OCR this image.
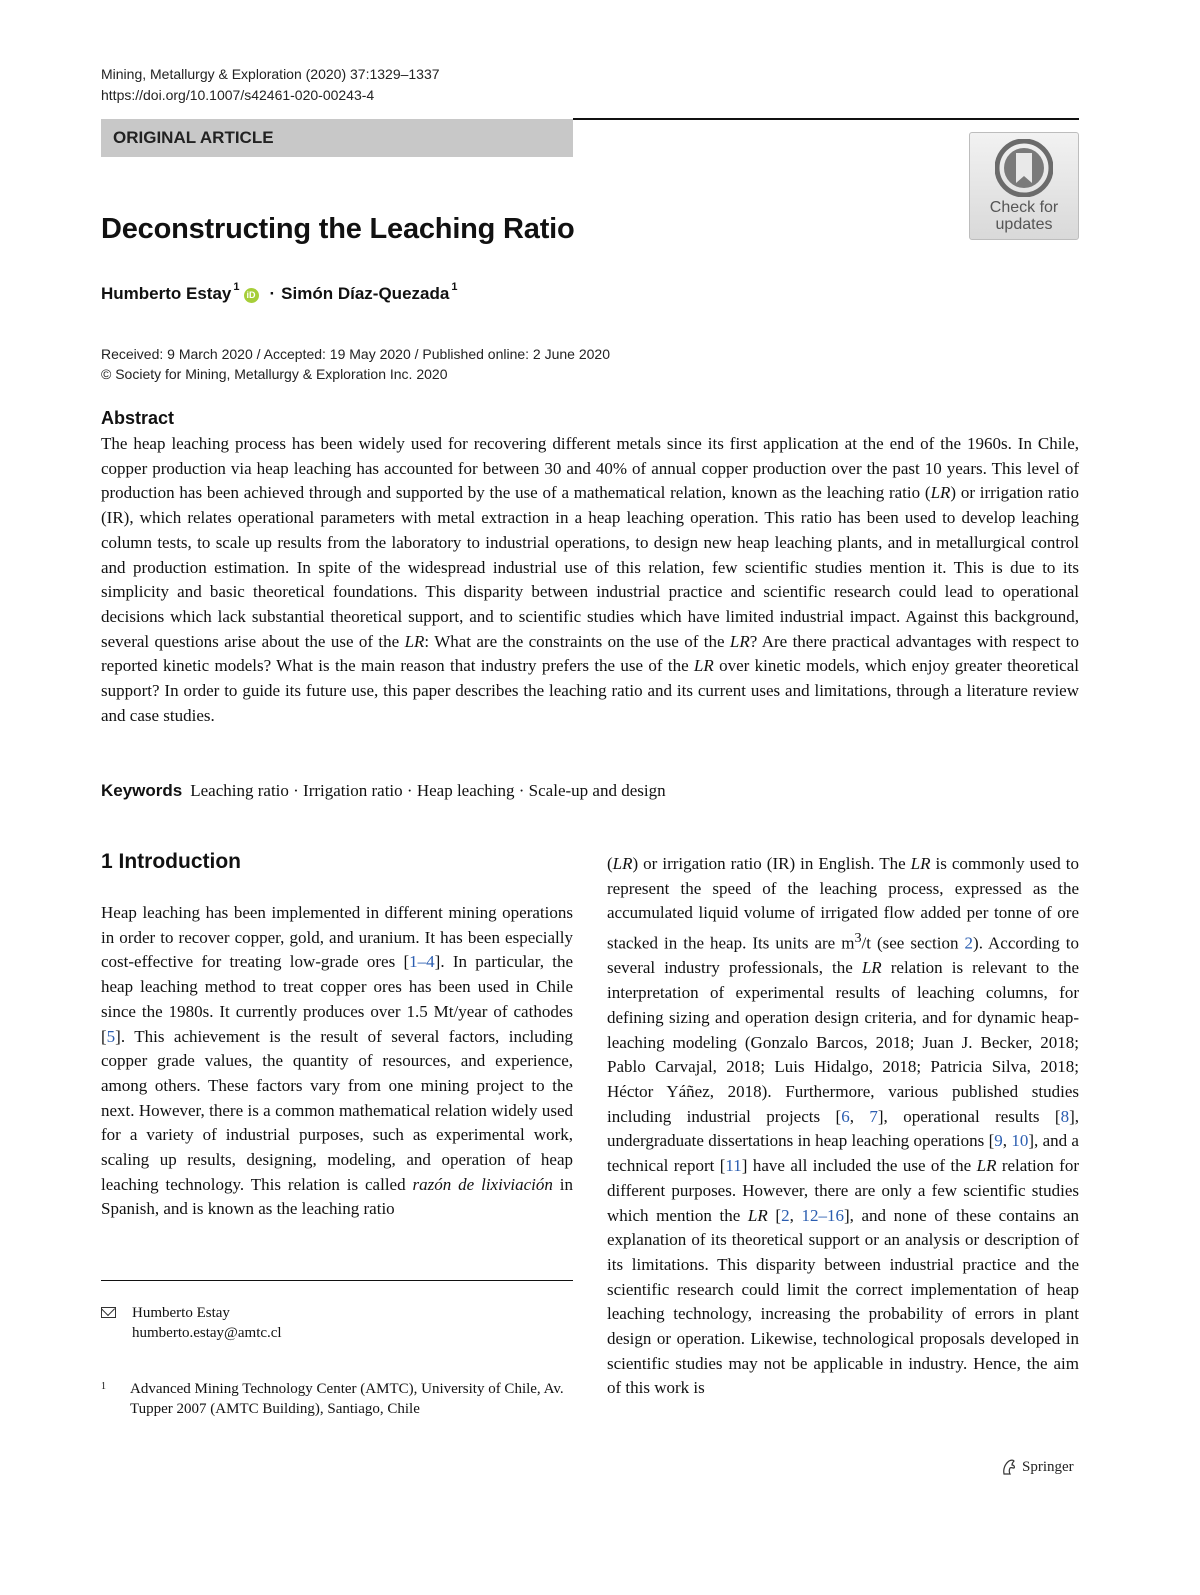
Mining, Metallurgy & Exploration (2020) 37:1329–1337
https://doi.org/10.1007/s42461-020-00243-4
ORIGINAL ARTICLE
Check for
updates
Deconstructing the Leaching Ratio
Humberto Estay$^1$
iD · Simón Díaz-Quezada$^1$
Received: 9 March 2020 / Accepted: 19 May 2020 / Published online: 2 June 2020
© Society for Mining, Metallurgy & Exploration Inc. 2020
Abstract
The heap leaching process has been widely used for recovering different metals since its first application at the end of the 1960s. In Chile, copper production via heap leaching has accounted for between 30 and 40% of annual copper production over the past 10 years. This level of production has been achieved through and supported by the use of a mathematical relation, known as the leaching ratio (LR) or irrigation ratio (IR), which relates operational parameters with metal extraction in a heap leaching operation. This ratio has been used to develop leaching column tests, to scale up results from the laboratory to industrial operations, to design new heap leaching plants, and in metallurgical control and production estimation. In spite of the widespread industrial use of this relation, few scientific studies mention it. This is due to its simplicity and basic theoretical foundations. This disparity between industrial practice and scientific research could lead to operational decisions which lack substantial theoretical support, and to scientific studies which have limited industrial impact. Against this background, several questions arise about the use of the LR: What are the constraints on the use of the LR? Are there practical advantages with respect to reported kinetic models? What is the main reason that industry prefers the use of the LR over kinetic models, which enjoy greater theoretical support? In order to guide its future use, this paper describes the leaching ratio and its current uses and limitations, through a literature review and case studies.
Keywords Leaching ratio · Irrigation ratio · Heap leaching · Scale-up and design
1 Introduction
Heap leaching has been implemented in different mining operations in order to recover copper, gold, and uranium. It has been especially cost-effective for treating low-grade ores [1–4]. In particular, the heap leaching method to treat copper ores has been used in Chile since the 1980s. It currently produces over 1.5 Mt/year of cathodes [5]. This achievement is the result of several factors, including copper grade values, the quantity of resources, and experience, among others. These factors vary from one mining project to the next. However, there is a common mathematical relation widely used for a variety of industrial purposes, such as experimental work, scaling up results, designing, modeling, and operation of heap leaching technology. This relation is called razón de lixiviación in Spanish, and is known as the leaching ratio
(LR) or irrigation ratio (IR) in English. The LR is commonly used to represent the speed of the leaching process, expressed as the accumulated liquid volume of irrigated flow added per tonne of ore stacked in the heap. Its units are $m^3/t$ (see section 2). According to several industry professionals, the LR relation is relevant to the interpretation of experimental results of leaching columns, for defining sizing and operation design criteria, and for dynamic heap-leaching modeling (Gonzalo Barcos, 2018; Juan J. Becker, 2018; Pablo Carvajal, 2018; Luis Hidalgo, 2018; Patricia Silva, 2018; Héctor Yáñez, 2018). Furthermore, various published studies including industrial projects [6, 7], operational results [8], undergraduate dissertations in heap leaching operations [9, 10], and a technical report [11] have all included the use of the LR relation for different purposes. However, there are only a few scientific studies which mention the LR [2, 12–16], and none of these contains an explanation of its theoretical support or an analysis or description of its limitations. This disparity between industrial practice and the scientific research could limit the correct implementation of heap leaching technology, increasing the probability of errors in plant design or operation. Likewise, technological proposals developed in scientific studies may not be applicable in industry. Hence, the aim of this work is
Humberto Estay
humberto.estay@amtc.cl
1 Advanced Mining Technology Center (AMTC), University of Chile, Av. Tupper 2007 (AMTC Building), Santiago, Chile
Springer
